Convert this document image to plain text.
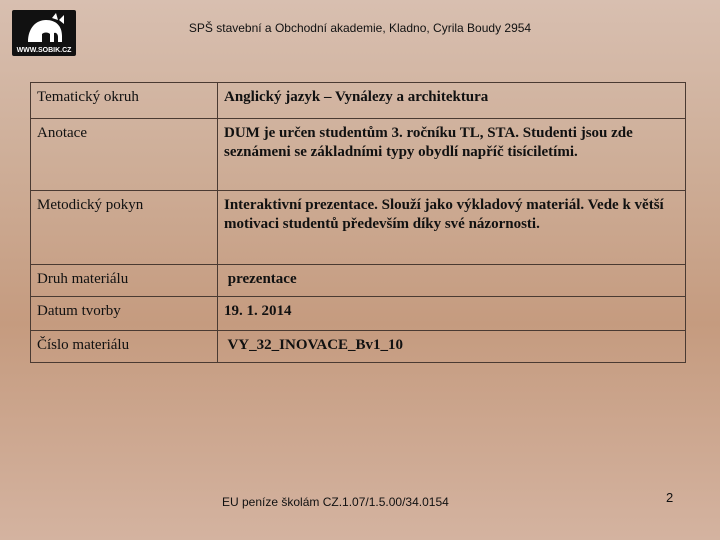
WWW.SOBIK.CZ
SPŠ stavební a Obchodní akademie, Kladno, Cyrila Boudy 2954
Tematický okruh	Anglický jazyk – Vynálezy a architektura
Anotace	DUM je určen studentům 3. ročníku TL, STA. Studenti jsou zde seznámeni se základními typy obydlí napříč tisíciletími.
Metodický pokyn	Interaktivní prezentace. Slouží jako výkladový materiál. Vede k větší motivaci studentů především díky své názornosti.
Druh materiálu	prezentace
Datum tvorby	19. 1. 2014
Číslo materiálu	VY_32_INOVACE_Bv1_10
EU peníze školám CZ.1.07/1.5.00/34.0154	2
